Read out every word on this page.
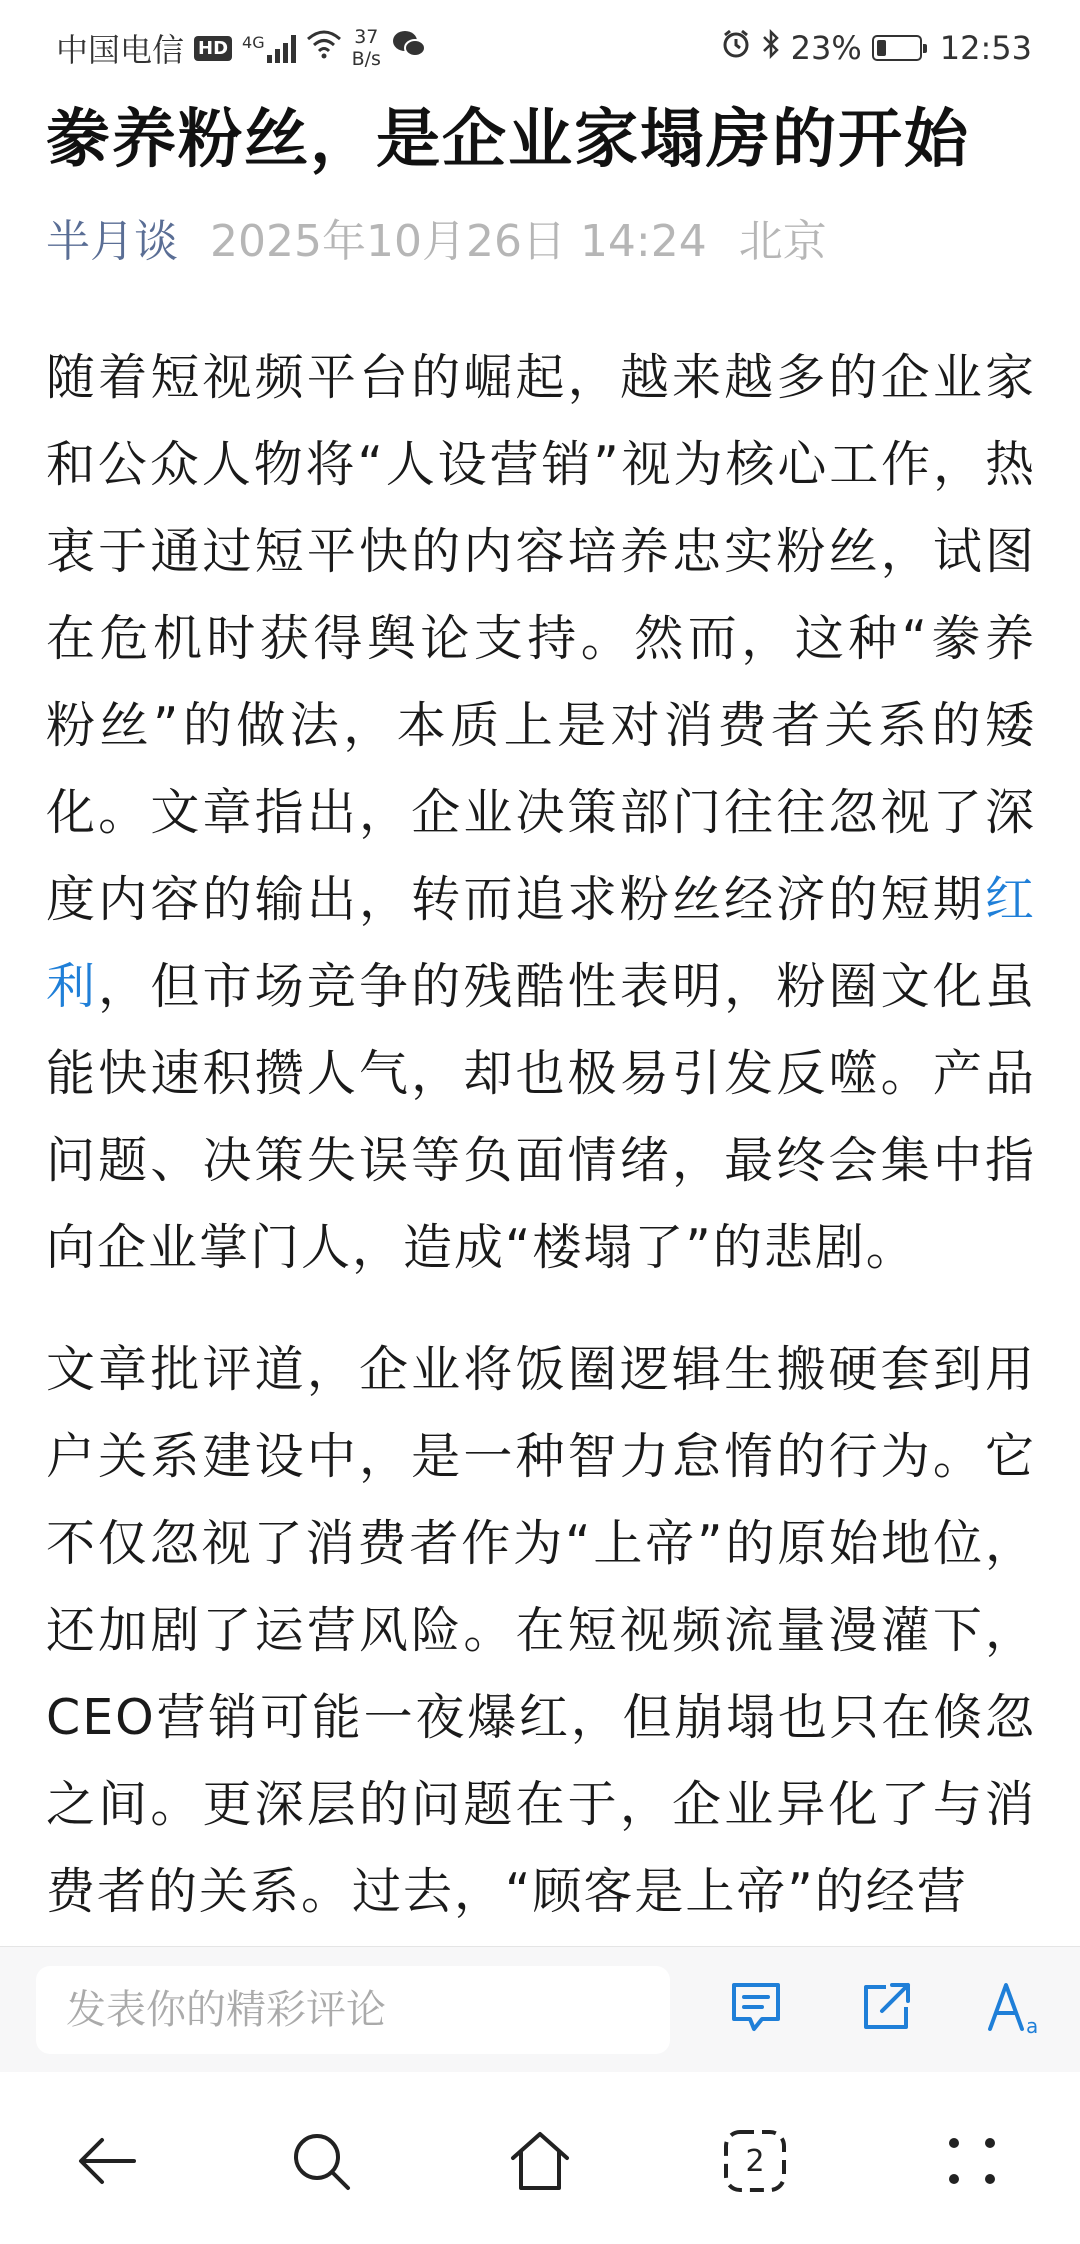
中国电信 HD 4G	37
B/s	23% 12:53
豢养粉丝，是企业家塌房的开始
半月谈 2025年10月26日 14:24 北京

随着短视频平台的崛起，越来越多的企业家和公众人物将“人设营销”视为核心工作，热衷于通过短平快的内容培养忠实粉丝，试图在危机时获得舆论支持。然而，这种“豢养粉丝”的做法，本质上是对消费者关系的矮化。文章指出，企业决策部门往往忽视了深度内容的输出，转而追求粉丝经济的短期红利，但市场竞争的残酷性表明，粉圈文化虽能快速积攒人气，却也极易引发反噬。产品问题、决策失误等负面情绪，最终会集中指向企业掌门人，造成“楼塌了”的悲剧。

文章批评道，企业将饭圈逻辑生搬硬套到用户关系建设中，是一种智力怠惰的行为。它不仅忽视了消费者作为“上帝”的原始地位，还加剧了运营风险。在短视频流量漫灌下，CEO营销可能一夜爆红，但崩塌也只在倏忽之间。更深层的问题在于，企业异化了与消费者的关系。过去，“顾客是上帝”的经营

发表你的精彩评论
a
2
